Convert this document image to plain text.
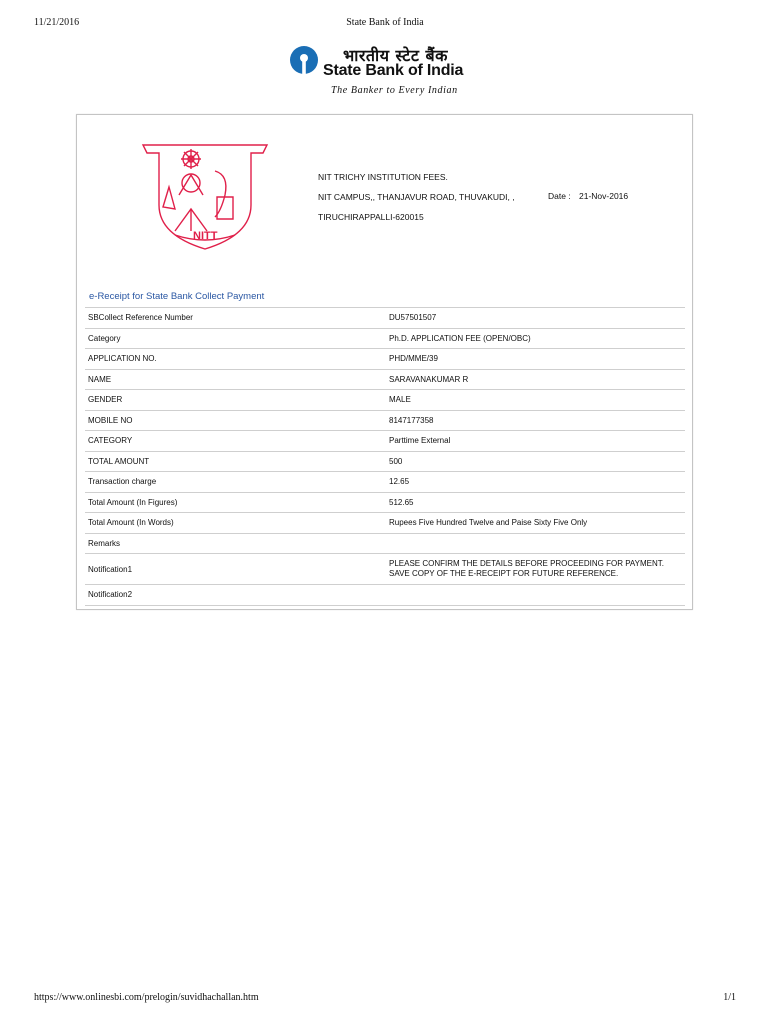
11/21/2016	State Bank of India
भारतीय स्टेट बैंक
State Bank of India
The Banker to Every Indian
NITT
NIT TRICHY INSTITUTION FEES.
NIT CAMPUS,, THANJAVUR ROAD, THUVAKUDI, ,
TIRUCHIRAPPALLI-620015
Date : 21-Nov-2016
e-Receipt for State Bank Collect Payment
SBCollect Reference Number	DU57501507
Category	Ph.D. APPLICATION FEE (OPEN/OBC)
APPLICATION NO.	PHD/MME/39
NAME	SARAVANAKUMAR R
GENDER	MALE
MOBILE NO	8147177358
CATEGORY	Parttime External
TOTAL AMOUNT	500
Transaction charge	12.65
Total Amount (In Figures)	512.65
Total Amount (In Words)	Rupees Five Hundred Twelve and Paise Sixty Five Only
Remarks	
Notification1	PLEASE CONFIRM THE DETAILS BEFORE PROCEEDING FOR PAYMENT.
SAVE COPY OF THE E-RECEIPT FOR FUTURE REFERENCE.

Notification2	
https://www.onlinesbi.com/prelogin/suvidhachallan.htm	1/1
